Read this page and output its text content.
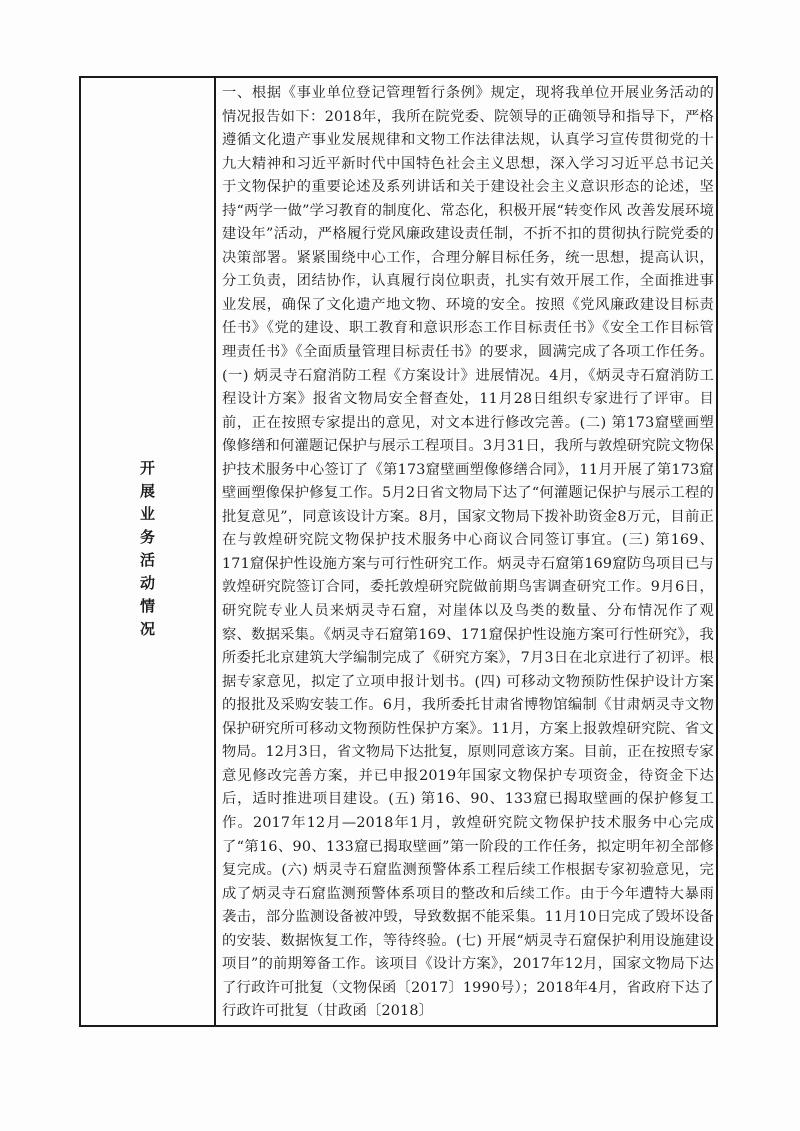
开展业务活动情况

一、根据《事业单位登记管理暂行条例》规定，现将我单位开展业务活动的情况报告如下：2018年，我所在院党委、院领导的正确领导和指导下，严格遵循文化遗产事业发展规律和文物工作法律法规，认真学习宣传贯彻党的十九大精神和习近平新时代中国特色社会主义思想，深入学习习近平总书记关于文物保护的重要论述及系列讲话和关于建设社会主义意识形态的论述，坚持“两学一做”学习教育的制度化、常态化，积极开展“转变作风 改善发展环境建设年”活动，严格履行党风廉政建设责任制，不折不扣的贯彻执行院党委的决策部署。紧紧围绕中心工作，合理分解目标任务，统一思想，提高认识，分工负责，团结协作，认真履行岗位职责，扎实有效开展工作，全面推进事业发展，确保了文化遗产地文物、环境的安全。按照《党风廉政建设目标责任书》《党的建设、职工教育和意识形态工作目标责任书》《安全工作目标管理责任书》《全面质量管理目标责任书》的要求，圆满完成了各项工作任务。(一) 炳灵寺石窟消防工程《方案设计》进展情况。4月，《炳灵寺石窟消防工程设计方案》报省文物局安全督查处，11月28日组织专家进行了评审。目前，正在按照专家提出的意见，对文本进行修改完善。(二) 第173窟壁画塑像修缮和何灌题记保护与展示工程项目。3月31日，我所与敦煌研究院文物保护技术服务中心签订了《第173窟壁画塑像修缮合同》，11月开展了第173窟壁画塑像保护修复工作。5月2日省文物局下达了“何灌题记保护与展示工程的批复意见”，同意该设计方案。8月，国家文物局下拨补助资金8万元，目前正在与敦煌研究院文物保护技术服务中心商议合同签订事宜。(三) 第169、171窟保护性设施方案与可行性研究工作。炳灵寺石窟第169窟防鸟项目已与敦煌研究院签订合同，委托敦煌研究院做前期鸟害调查研究工作。9月6日，研究院专业人员来炳灵寺石窟，对崖体以及鸟类的数量、分布情况作了观察、数据采集。《炳灵寺石窟第169、171窟保护性设施方案可行性研究》，我所委托北京建筑大学编制完成了《研究方案》，7月3日在北京进行了初评。根据专家意见，拟定了立项申报计划书。(四) 可移动文物预防性保护设计方案的报批及采购安装工作。6月，我所委托甘肃省博物馆编制《甘肃炳灵寺文物保护研究所可移动文物预防性保护方案》。11月，方案上报敦煌研究院、省文物局。12月3日，省文物局下达批复，原则同意该方案。目前，正在按照专家意见修改完善方案，并已申报2019年国家文物保护专项资金，待资金下达后，适时推进项目建设。(五) 第16、90、133窟已揭取壁画的保护修复工作。2017年12月—2018年1月，敦煌研究院文物保护技术服务中心完成了“第16、90、133窟已揭取壁画”第一阶段的工作任务，拟定明年初全部修复完成。(六) 炳灵寺石窟监测预警体系工程后续工作根据专家初验意见，完成了炳灵寺石窟监测预警体系项目的整改和后续工作。由于今年遭特大暴雨袭击，部分监测设备被冲毁，导致数据不能采集。11月10日完成了毁坏设备的安装、数据恢复工作，等待终验。(七) 开展“炳灵寺石窟保护利用设施建设项目”的前期筹备工作。该项目《设计方案》，2017年12月，国家文物局下达了行政许可批复（文物保函〔2017〕1990号）；2018年4月，省政府下达了行政许可批复（甘政函〔2018〕
